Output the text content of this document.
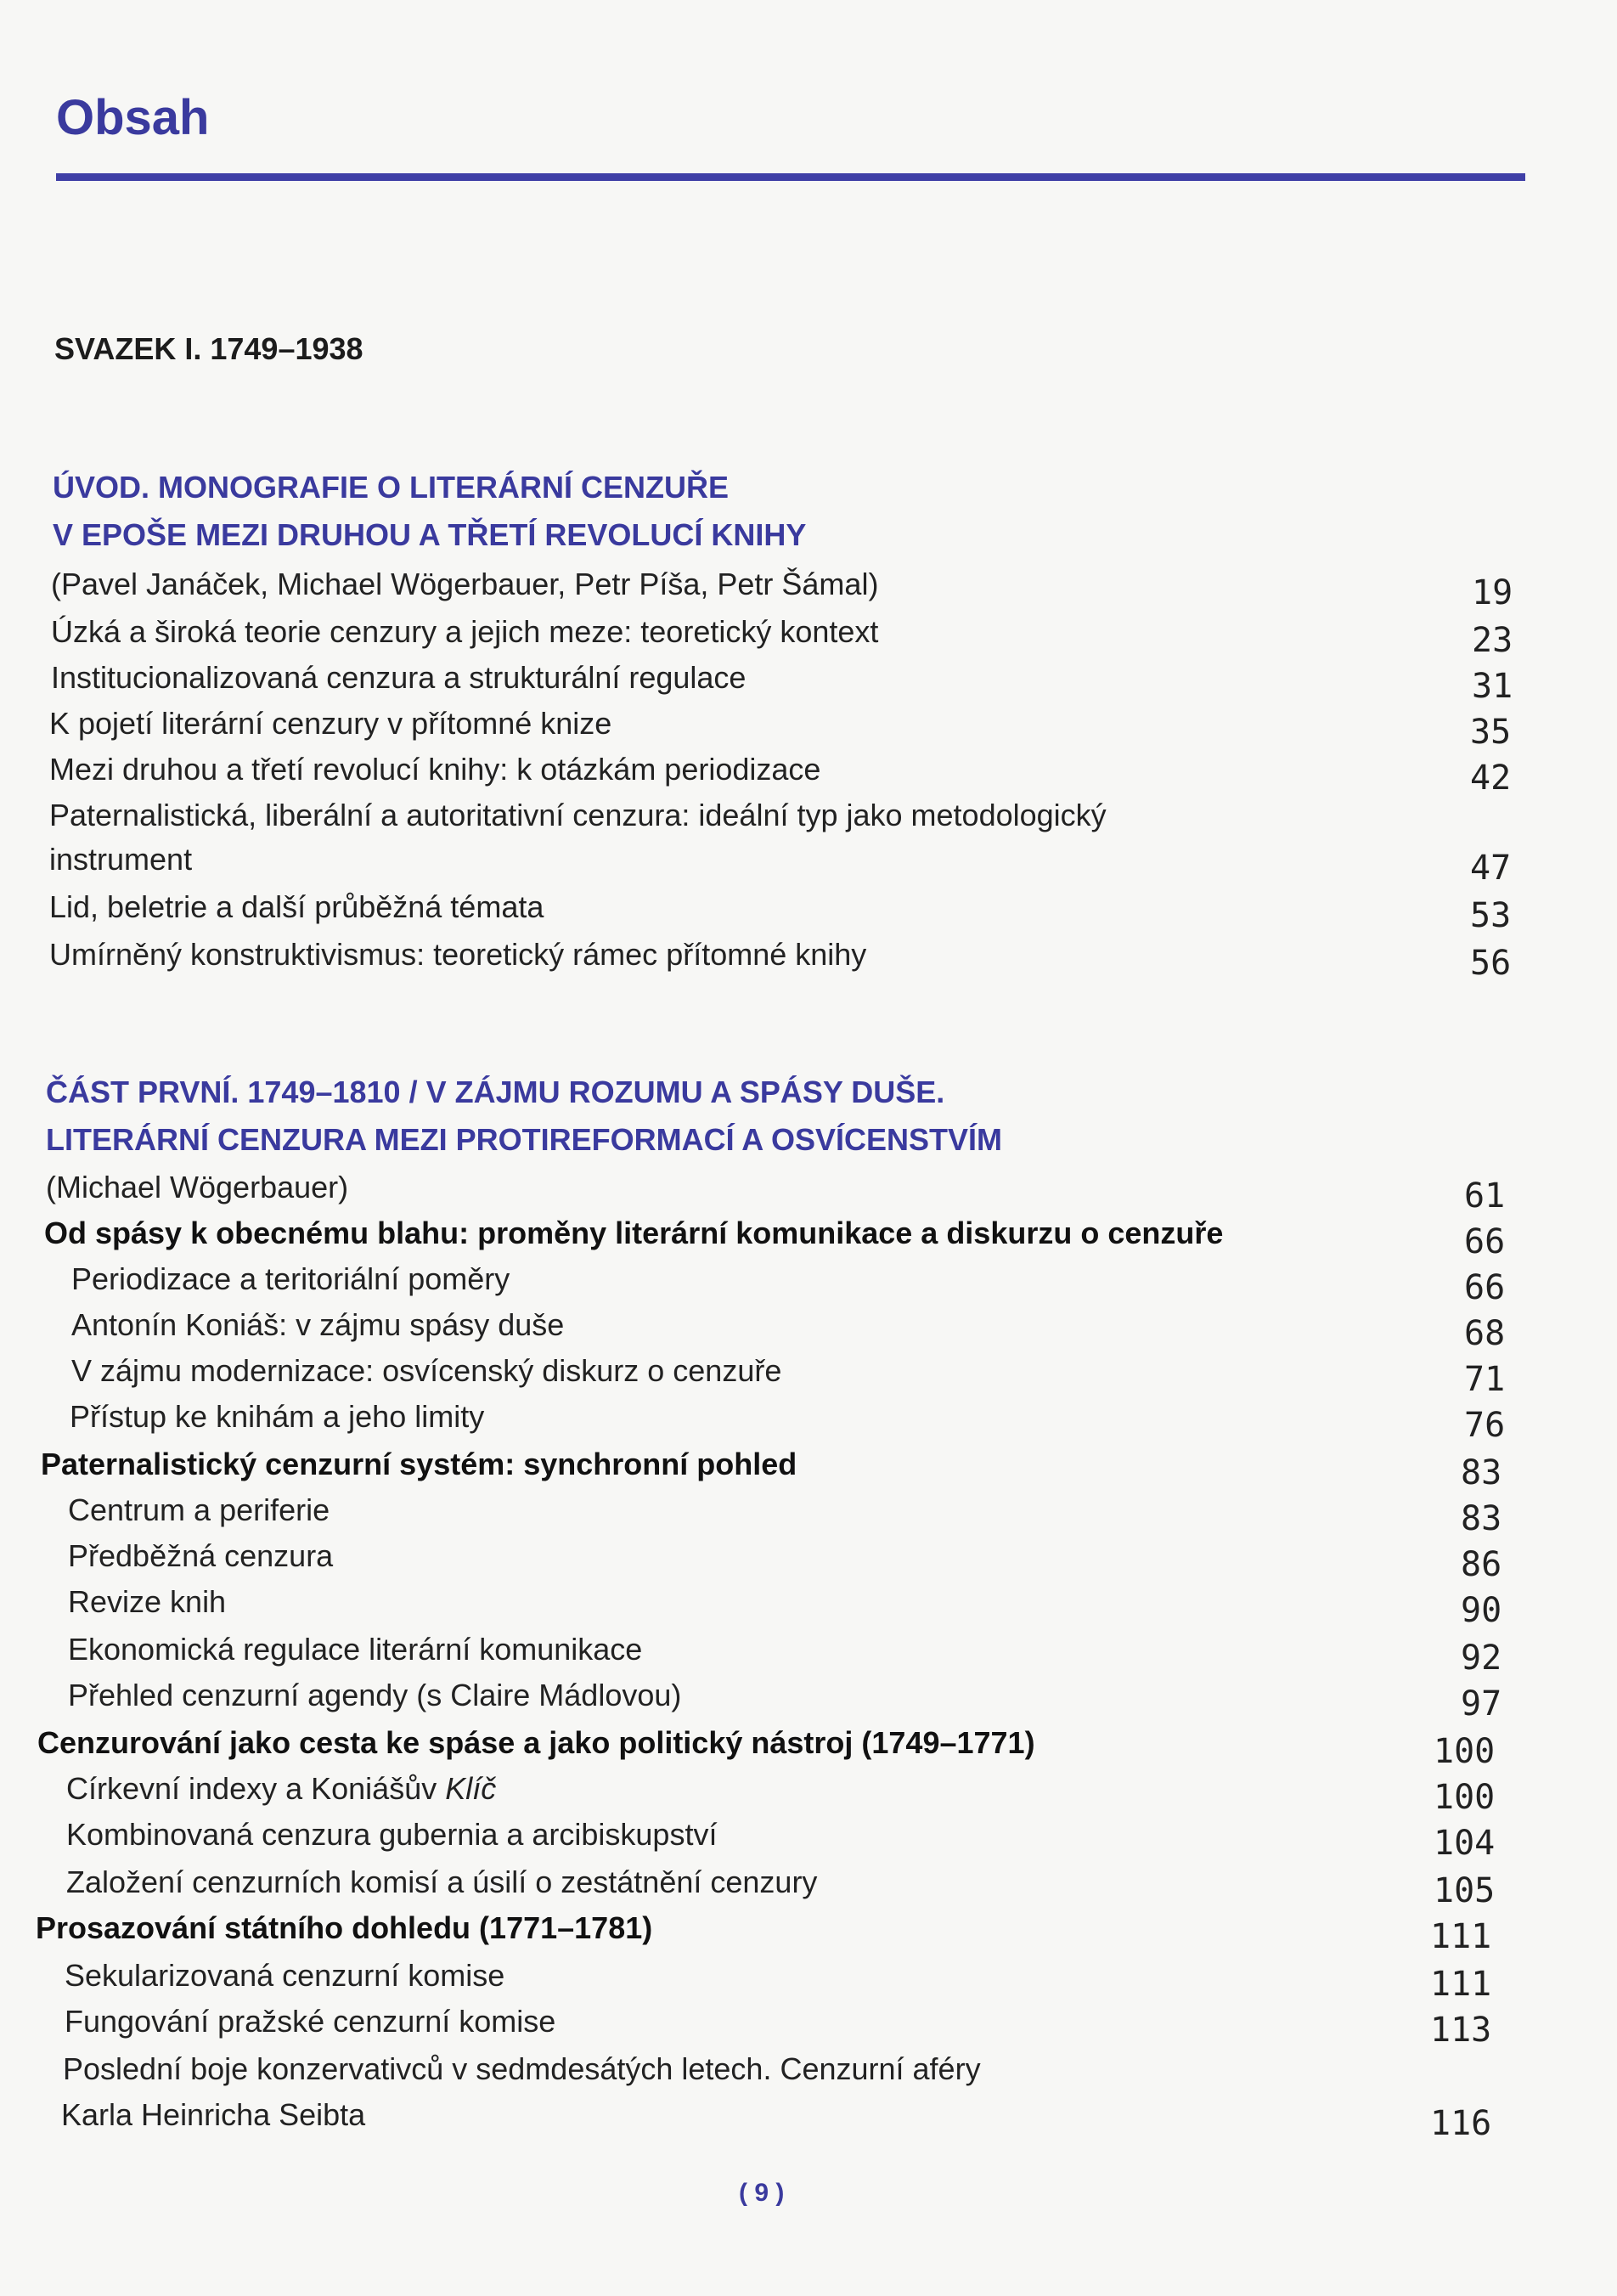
Obsah
SVAZEK I. 1749–1938
ÚVOD. MONOGRAFIE O LITERÁRNÍ CENZUŘE
V EPOŠE MEZI DRUHOU A TŘETÍ REVOLUCÍ KNIHY
(Pavel Janáček, Michael Wögerbauer, Petr Píša, Petr Šámal)	19
Úzká a široká teorie cenzury a jejich meze: teoretický kontext	23
Institucionalizovaná cenzura a strukturální regulace	31
K pojetí literární cenzury v přítomné knize	35
Mezi druhou a třetí revolucí knihy: k otázkám periodizace	42
Paternalistická, liberální a autoritativní cenzura: ideální typ jako metodologický
instrument	47
Lid, beletrie a další průběžná témata	53
Umírněný konstruktivismus: teoretický rámec přítomné knihy	56
ČÁST PRVNÍ. 1749–1810 / V ZÁJMU ROZUMU A SPÁSY DUŠE.
LITERÁRNÍ CENZURA MEZI PROTIREFORMACÍ A OSVÍCENSTVÍM
(Michael Wögerbauer)	61
Od spásy k obecnému blahu: proměny literární komunikace a diskurzu o cenzuře	66
Periodizace a teritoriální poměry	66
Antonín Koniáš: v zájmu spásy duše	68
V zájmu modernizace: osvícenský diskurz o cenzuře	71
Přístup ke knihám a jeho limity	76
Paternalistický cenzurní systém: synchronní pohled	83
Centrum a periferie	83
Předběžná cenzura	86
Revize knih	90
Ekonomická regulace literární komunikace	92
Přehled cenzurní agendy (s Claire Mádlovou)	97
Cenzurování jako cesta ke spáse a jako politický nástroj (1749–1771)	100
Církevní indexy a Koniášův Klíč	100
Kombinovaná cenzura gubernia a arcibiskupství	104
Založení cenzurních komisí a úsilí o zestátnění cenzury	105
Prosazování státního dohledu (1771–1781)	111
Sekularizovaná cenzurní komise	111
Fungování pražské cenzurní komise	113
Poslední boje konzervativců v sedmdesátých letech. Cenzurní aféry
Karla Heinricha Seibta	116
( 9 )
